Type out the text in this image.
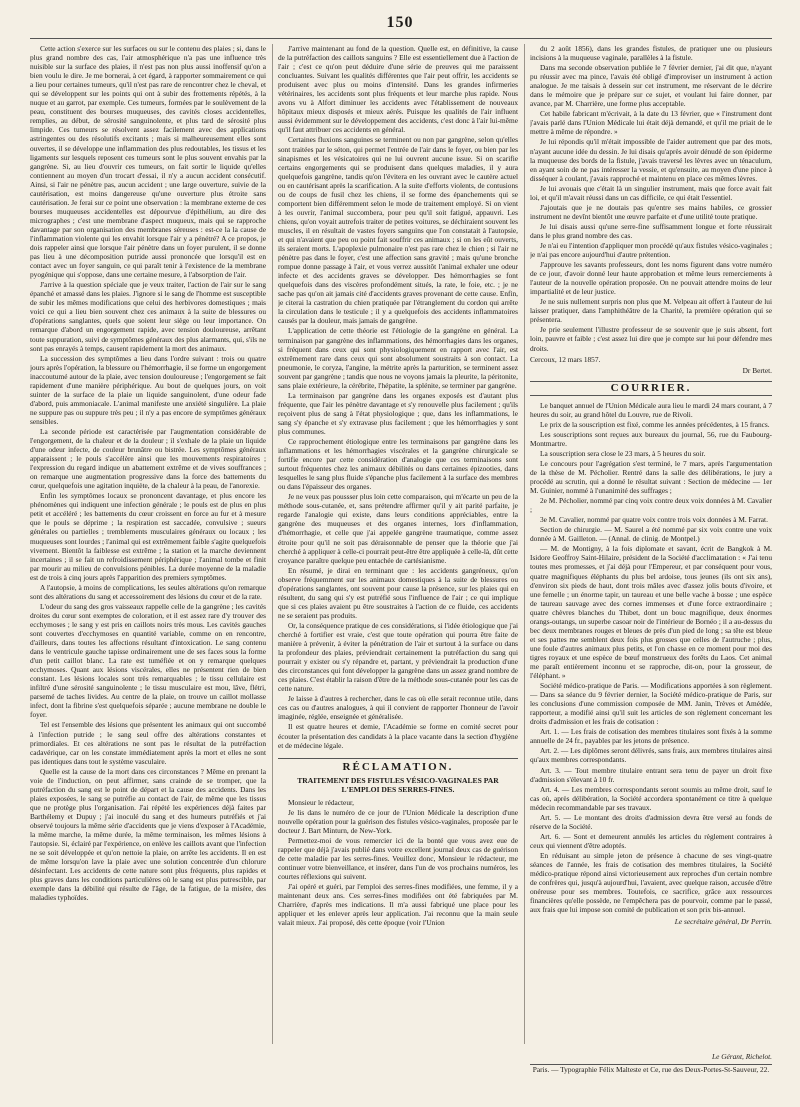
150

Cette action s'exerce sur les surfaces ou sur le contenu des plaies ; si, dans le plus grand nombre des cas, l'air atmosphérique n'a pas une influence très nuisible sur la surface des plaies, il n'est pas non plus aussi inoffensif qu'on a bien voulu le dire. Je me bornerai, à cet égard, à rapporter sommairement ce qui a lieu pour certaines tumeurs, qu'il n'est pas rare de rencontrer chez le cheval, et qui se développent sur les points qui ont à subir des frottements répétés, à la nuque et au garrot, par exemple. Ces tumeurs, formées par le soulèvement de la peau, constituent des bourses muqueuses, des cavités closes accidentelles, remplies, au début, de sérosité sanguinolente, et plus tard de sérosité plus limpide. Ces tumeurs se résolvent assez facilement avec des applications astringentes ou des résolutifs excitants ; mais si malheureusement elles sont ouvertes, il se développe une inflammation des plus redoutables, les tissus et les ligaments sur lesquels reposent ces tumeurs sont le plus souvent envahis par la gangrène. Si, au lieu d'ouvrir ces tumeurs, on fait sortir le liquide qu'elles contiennent au moyen d'un trocart d'essai, il n'y a aucun accident consécutif. Ainsi, si l'air ne pénètre pas, aucun accident ; une large ouverture, suivie de la cautérisation, est moins dangereuse qu'une ouverture plus étroite sans cautérisation. Je ferai sur ce point une observation : la membrane externe de ces bourses muqueuses accidentelles est dépourvue d'épithélium, au dire des micrographes ; c'est une membrane d'aspect muqueux, mais qui se rapproche davantage par son organisation des membranes séreuses : est-ce la la cause de l'inflammation violente qui les envahit lorsque l'air y a pénétré? A ce propos, je dois rappeler ainsi que lorsque l'air pénètre dans un foyer purulent, il se donne pas lieu à une décomposition putride aussi prononcée que lorsqu'il est en contact avec un foyer sanguin, ce qui paraît tenir à l'existence de la membrane pyogénique qui s'oppose, dans une certaine mesure, à l'absorption de l'air.

J'arrive à la question spéciale que je veux traiter, l'action de l'air sur le sang épanché et amassé dans les plaies. J'ignore si le sang de l'homme est susceptible de subir les mêmes modifications que celui des herbivores domestiques ; mais voici ce qui a lieu bien souvent chez ces animaux à la suite de blessures ou d'opérations sanglantes, quels que soient leur siège ou leur importance. On remarque d'abord un engorgement rapide, avec tension douloureuse, arrêtant toute suppuration, suivi de symptômes généraux des plus alarmants, qui, s'ils ne sont pas enrayés à temps, causent rapidement la mort des animaux.

La succession des symptômes a lieu dans l'ordre suivant : trois ou quatre jours après l'opération, la blessure ou l'hémorrhagie, il se forme un engorgement inaccoutumé autour de la plaie, avec tension douloureuse ; l'engorgement se fait rapidement d'une manière périphérique. Au bout de quelques jours, on voit suinter de la surface de la plaie un liquide sanguinolent, d'une odeur fade d'abord, puis ammoniacale. L'animal manifeste une anxiété singulière. La plaie ne suppure pas ou suppure très peu ; il n'y a pas encore de symptômes généraux sensibles.

La seconde période est caractérisée par l'augmentation considérable de l'engorgement, de la chaleur et de la douleur ; il s'exhale de la plaie un liquide d'une odeur infecte, de couleur brunâtre ou bistrée. Les symptômes généraux apparaissent ; le pouls s'accélère ainsi que les mouvements respiratoires ; l'expression du regard indique un abattement extrême et de vives souffrances ; on remarque une augmentation progressive dans la force des battements du cœur, quelquefois une agitation inquiète, de la chaleur à la peau, de l'anorexie.

Enfin les symptômes locaux se prononcent davantage, et plus encore les phénomènes qui indiquent une infection générale ; le pouls est de plus en plus petit et accéléré ; les battements du cœur croissent en force au fur et à mesure que le pouls se déprime ; la respiration est saccadée, convulsive ; sueurs générales ou partielles ; tremblements musculaires généraux ou locaux ; les muqueuses sont lourdes ; l'animal qui est extrêmement faible s'agite quelquefois vivement. Bientôt la faiblesse est extrême ; la station et la marche deviennent incertaines ; il se fait un refroidissement périphérique ; l'animal tombe et finit par mourir au milieu de convulsions pénibles. La durée moyenne de la maladie est de trois à cinq jours après l'apparition des premiers symptômes.

A l'autopsie, à moins de complications, les seules altérations qu'on remarque sont des altérations du sang et accessoirement des lésions du cœur et de la rate.

L'odeur du sang des gros vaisseaux rappelle celle de la gangrène ; les cavités droites du cœur sont exemptes de coloration, et il est assez rare d'y trouver des ecchymoses ; le sang y est pris en caillots noirs très mous. Les cavités gauches sont couvertes d'ecchymoses en quantité variable, comme on en rencontre, d'ailleurs, dans toutes les affections résultant d'intoxication. Le sang contenu dans le ventricule gauche tapisse ordinairement une de ses faces sous la forme d'un petit caillot blanc. La rate est tuméfiée et on y remarque quelques ecchymoses. Quant aux lésions viscérales, elles ne présentent rien de bien constant. Les lésions locales sont très remarquables ; le tissu cellulaire est infiltré d'une sérosité sanguinolente ; le tissu musculaire est mou, lâve, flétri, parsemé de taches livides. Au centre de la plaie, on trouve un caillot mollasse infect, dont la fibrine s'est quelquefois séparée ; aucune membrane ne double le foyer.

Tel est l'ensemble des lésions que présentent les animaux qui ont succombé à l'infection putride ; le sang seul offre des altérations constantes et primordiales. Et ces altérations ne sont pas le résultat de la putréfaction cadavérique, car on les constate immédiatement après la mort et elles ne sont pas identiques dans tout le système vasculaire.

Quelle est la cause de la mort dans ces circonstances ? Même en prenant la voie de l'induction, on peut affirmer, sans crainde de se tromper, que la putréfaction du sang est le point de départ et la cause des accidents. Dans les plaies exposées, le sang se putréfie au contact de l'air, de même que les tissus que ne protège plus l'organisation. J'ai répété les expériences déjà faites par Barthélemy et Dupuy ; j'ai inoculé du sang et des humeurs putréfiés et j'ai observé toujours la même série d'accidents que je viens d'exposer à l'Académie, la même marche, la même durée, la même terminaison, les mêmes lésions à l'autopsie. Si, éclairé par l'expérience, on enlève les caillots avant que l'infection ne se soit développée et qu'on nettoie la plaie, on arrête les accidents. Il en est de même lorsqu'on lave la plaie avec une solution concentrée d'un chlorure désinfectant. Les accidents de cette nature sont plus fréquents, plus rapides et plus graves dans les conditions particulières où le sang est plus putrescible, par exemple dans la débilité qui résulte de l'âge, de la fatigue, de la misère, des maladies typhoïdes.

J'arrive maintenant au fond de la question. Quelle est, en définitive, la cause de la putréfaction des caillots sanguins ? Elle est essentiellement due à l'action de l'air ; c'est ce qu'on peut déduire d'une série de preuves qui me paraissent concluantes. Suivant les qualités différentes que l'air peut offrir, les accidents se produisent avec plus ou moins d'intensité. Dans les grandes infirmeries vétérinaires, les accidents sont plus fréquents et leur marche plus rapide. Nous avons vu à Alfort diminuer les accidents avec l'établissement de nouveaux hôpitaux mieux disposés et mieux aérés. Puisque les qualités de l'air influent aussi évidemment sur le développement des accidents, c'est donc à l'air lui-même qu'il faut attribuer ces accidents en général.

Certaines fluxions sanguines se terminent ou non par gangrène, selon qu'elles sont traitées par le séton, qui permet l'entrée de l'air dans le foyer, ou bien par les sinapismes et les vésicatoires qui ne lui ouvrent aucune issue. Si on scarifie certains engorgements qui se produisent dans quelques maladies, il y aura quelquefois gangrène, tandis qu'on l'évitera en les ouvrant avec le cautère actuel ou en cautérisant après la scarification. A la suite d'efforts violents, de contusions ou de coups de fusil chez les chiens, il se forme des épanchements qui se comportent bien différemment selon le mode de traitement employé. Si on vient à les ouvrir, l'animal succombera, pour peu qu'il soit fatigué, appauvri. Les chiens, qu'on voyait autrefois traiter de petites voitures, se déchiraient souvent les muscles, il en résultait de vastes foyers sanguins que l'on constatait à l'autopsie, et qui n'avaient que peu ou point fait souffrir ces animaux ; si on les eût ouverts, ils seraient morts. L'apoplexie pulmonaire n'est pas rare chez le chien ; si l'air ne pénètre pas dans le foyer, c'est une affection sans gravité ; mais qu'une bronche rompue donne passage à l'air, et vous verrez aussitôt l'animal exhaler une odeur infecte et des accidents graves se développer. Des hémorrhagies se font quelquefois dans des viscères profondément situés, la rate, le foie, etc. ; je ne sache pas qu'on ait jamais cité d'accidents graves provenant de cette cause. Enfin, je citerai la castration du chien pratiquée par l'étranglement du cordon qui arrête la circulation dans le testicule ; il y a quelquefois des accidents inflammatoires causés par la douleur, mais jamais de gangrène.

L'application de cette théorie est l'étiologie de la gangrène en général. La terminaison par gangrène des inflammations, des hémorrhagies dans les organes, si fréquent dans ceux qui sont physiologiquement en rapport avec l'air, est extrêmement rare dans ceux qui sont absolument soustraits à son contact. La pneumonie, le coryza, l'angine, la métrite après la parturition, se terminent assez souvent par gangrène ; tandis que nous ne voyons jamais la pleurite, la péritonite, sans plaie extérieure, la cérébrite, l'hépatite, la splénite, se terminer par gangrène.

La terminaison par gangrène dans les organes exposés est d'autant plus fréquente, que l'air les pénètre davantage et s'y renouvelle plus facilement ; qu'ils reçoivent plus de sang à l'état physiologique ; que, dans les inflammations, le sang s'y épanche et s'y extravase plus facilement ; que les hémorrhagies y sont plus communes.

Ce rapprochement étiologique entre les terminaisons par gangrène dans les inflammations et les hémorrhagies viscérales et la gangrène chirurgicale se fortifie encore par cette considération d'analogie que ces terminaisons sont surtout fréquentes chez les animaux débilités ou dans certaines épizooties, dans lesquelles le sang plus fluide s'épanche plus facilement à la surface des membres ou dans l'épaisseur des organes.

Je ne veux pas poussser plus loin cette comparaison, qui m'écarte un peu de la méthode sous-cutanée, et, sans prétendre affirmer qu'il y ait parité parfaite, je regarde l'analogie qui existe, dans leurs conditions appréciables, entre la gangrène des muqueuses et des organes internes, lors d'inflammation, d'hémorrhagie, et celle que j'ai appelée gangrène traumatique, comme assez étroite pour qu'il ne soit pas déraisonnable de penser que la théorie que j'ai cherché à appliquer à celle-ci pourrait peut-être être appliquée à celle-là, dût cette croyance paraître quelque peu entachée de cartésianisme.

En résumé, je dirai en terminant que : les accidents gangréneux, qu'on observe fréquemment sur les animaux domestiques à la suite de blessures ou d'opérations sanglantes, ont souvent pour cause la présence, sur les plaies qui en résultent, du sang qui s'y est putréfié sous l'influence de l'air ; ce qui implique que si ces plaies avaient pu être soustraites à l'action de ce fluide, ces accidents ne se seraient pas produits.

Or, la conséquence pratique de ces considérations, si l'idée étiologique que j'ai cherché à fortifier est vraie, c'est que toute opération qui pourra être faite de manière à prévenir, à éviter la pénétration de l'air et surtout à la surface ou dans la profondeur des plaies, préviendrait certainement la putréfaction du sang qui pourrait y exister ou s'y répandre et, partant, y préviendrait la production d'une des circonstances qui font développer la gangrène dans un assez grand nombre de ces plaies. C'est établir la raison d'être de la méthode sous-cutanée pour les cas de cette nature.

Je laisse à d'autres à rechercher, dans le cas où elle serait reconnue utile, dans ces cas ou d'autres analogues, à qui il convient de rapporter l'honneur de l'avoir imaginée, réglée, enseignée et généralisée.

Il est quatre heures et demie, l'Académie se forme en comité secret pour écouter la présentation des candidats à la place vacante dans la section d'hygiène et de médecine légale.

RÉCLAMATION.
TRAITEMENT DES FISTULES VÉSICO-VAGINALES PAR L'EMPLOI DES SERRES-FINES.

Monsieur le rédacteur,

Je lis dans le numéro de ce jour de l'Union Médicale la description d'une nouvelle opération pour la guérison des fistules vésico-vaginales, proposée par le docteur J. Bart Minturn, de New-York.

Permettez-moi de vous remercier ici de la bonté que vous avez eue de rappeler que déjà j'avais publié dans votre excellent journal deux cas de guérison de cette maladie par les serres-fines. Veuillez donc, Monsieur le rédacteur, me continuer votre bienveillance, et insérer, dans l'un de vos prochains numéros, les courtes réflexions qui suivent.

J'ai opéré et guéri, par l'emploi des serres-fines modifiées, une femme, il y a maintenant deux ans. Ces serres-fines modifiées ont été fabriquées par M. Charrière, d'après mes indications. Il m'a aussi fabriqué une place pour les appliquer et les enlever après leur application. J'ai reconnu que la main seule valait mieux. J'ai proposé, dès cette époque (voir l'Union

du 2 août 1856), dans les grandes fistules, de pratiquer une ou plusieurs incisions à la muqueuse vaginale, parallèles à la fistule.

Dans ma seconde observation publiée le 7 février dernier, j'ai dit que, n'ayant pu réussir avec ma pince, l'avais été obligé d'improviser un instrument à action analogue. Je me taisais à dessein sur cet instrument, me réservant de le décrire dans le mémoire que je prépare sur ce sujet, et voulant lui faire donner, par avance, par M. Charrière, une forme plus acceptable.

Cet habile fabricant m'écrivait, à la date du 13 février, que « l'instrument dont j'avais parlé dans l'Union Médicale lui était déjà demandé, et qu'il me priait de le mettre à même de répondre. »

Je lui répondis qu'il m'était impossible de l'aider autrement que par des mots, n'ayant aucune idée du dessin. Je lui disais qu'après avoir dénudé de son épiderme la muqueuse des bords de la fistule, j'avais traversé les lèvres avec un ténaculum, en ayant soin de ne pas intéresser la vessie, et qu'ensuite, au moyen d'une pince à disséquer à coulant, j'avais rapproché et maintenu en place ces mêmes lèvres.

Je lui avouais que c'était là un singulier instrument, mais que force avait fait loi, et qu'il m'avait réussi dans un cas difficile, ce qui était l'essentiel.

J'ajoutais que je ne doutais pas qu'entre ses mains habiles, ce grossier instrument ne devînt bientôt une œuvre parfaite et d'une utilité toute pratique.

Je lui disais aussi qu'une serre-fine suffisamment longue et forte réussirait dans le plus grand nombre des cas.

Je n'ai eu l'intention d'appliquer mon procédé qu'aux fistules vésico-vaginales ; je n'ai pas encore aujourd'hui d'autre prétention.

J'approuve les savants professeurs, dont les noms figurent dans votre numéro de ce jour, d'avoir donné leur haute approbation et même leurs remerciements à l'auteur de la nouvelle opération proposée. On ne pouvait attendre moins de leur impartialité et de leur justice.

Je ne suis nullement surpris non plus que M. Velpeau ait offert à l'auteur de lui laisser pratiquer, dans l'amphithéâtre de la Charité, la première opération qui se présentera.

Je prie seulement l'illustre professeur de se souvenir que je suis absent, fort loin, pauvre et faible ; c'est assez lui dire que je compte sur lui pour défendre mes droits.

Cercoux, 12 mars 1857.
Dr Bertet.
COURRIER.

Le banquet annuel de l'Union Médicale aura lieu le mardi 24 mars courant, à 7 heures du soir, au grand hôtel du Louvre, rue de Rivoli.

Le prix de la souscription est fixé, comme les années précédentes, à 15 francs.

Les souscriptions sont reçues aux bureaux du journal, 56, rue du Faubourg-Montmartre.

La souscription sera close le 23 mars, à 5 heures du soir.

Le concours pour l'agrégation s'est terminé, le 7 mars, après l'argumentation de la thèse de M. Pécholier. Rentré dans la salle des délibérations, le jury a procédé au scrutin, qui a donné le résultat suivant : Section de médecine — 1er M. Guinier, nommé à l'unanimité des suffrages ;

2e M. Pécholier, nommé par cinq voix contre deux voix données à M. Cavalier ;

3e M. Cavalier, nommé par quatre voix contre trois voix données à M. Farrat.

Section de chirurgie. — M. Saurel a été nommé par six voix contre une voix donnée à M. Gailleton. — (Annal. de clinig. de Montpel.)

— M. de Montigny, à la fois diplomate et savant, écrit de Bangkok à M. Isidore Geoffroy Saint-Hilaire, président de la Société d'acclimatation : « J'ai tenu toutes mes promesses, et j'ai déjà pour l'Empereur, et par conséquent pour vous, quatre magnifiques éléphants du plus bel ardoise, tous jeunes (ils ont six ans), d'environ six pieds de haut, dont trois mâles avec d'assez jolis bouts d'ivoire, et une femelle ; un énorme tapir, un taureau et une belle vache à bosse ; une espèce de taureau sauvage avec des cornes immenses et d'une force extraordinaire ; quatre chèvres blanches du Thibet, dont un bouc magnifique, deux énormes orangs-outangs, un superbe casoar noir de l'intérieur de Bornéo ; il a au-dessus du bec deux membranes rouges et bleues de près d'un pied de long ; sa tête est bleue et ses pattes me semblent deux fois plus grosses que celles de l'autruche ; plus, une foule d'autres animaux plus petits, et l'on chasse en ce moment pour moi des tigres royaux et une espèce de bœuf monstrueux des forêts du Laos. Cet animal me paraît entièrement inconnu et se rapproche, dit-on, pour la grosseur, de l'éléphant. »

Société médico-pratique de Paris. — Modifications apportées à son règlement. — Dans sa séance du 9 février dernier, la Société médico-pratique de Paris, sur les conclusions d'une commission composée de MM. Janin, Trèves et Amédée, rapporteur, a modifié ainsi qu'il suit les articles de son règlement concernant les droits d'admission et les frais de cotisation :

Art. 1. — Les frais de cotisation des membres titulaires sont fixés à la somme annuelle de 24 fr., payables par les jetons de présence.

Art. 2. — Les diplômes seront délivrés, sans frais, aux membres titulaires ainsi qu'aux membres correspondants.

Art. 3. — Tout membre titulaire entrant sera tenu de payer un droit fixe d'admission s'élevant à 10 fr.

Art. 4. — Les membres correspondants seront soumis au même droit, sauf le cas où, après délibération, la Société accordera spontanément ce titre à quelque médecin recommandable par ses travaux.

Art. 5. — Le montant des droits d'admission devra être versé au fonds de réserve de la Société.

Art. 6. — Sont et demeurent annulés les articles du règlement contraires à ceux qui viennent d'être adoptés.

En réduisant au simple jeton de présence à chacune de ses vingt-quatre séances de l'année, les frais de cotisation des membres titulaires, la Société médico-pratique répond ainsi victorieusement aux reproches d'un certain nombre de confrères qui, jusqu'à aujourd'hui, l'avaient, avec quelque raison, accusée d'être onéreuse pour ses membres. Toutefois, ce sacrifice, grâce aux ressources financières qu'elle possède, ne l'empêchera pas de pourvoir, comme par le passé, aux frais que lui impose son comité de publication et son prix bis-annuel.

Le secrétaire général, Dr Perrin.
Le Gérant, Richelot.
Paris. — Typographie Félix Malteste et Ce, rue des Deux-Portes-St-Sauveur, 22.
